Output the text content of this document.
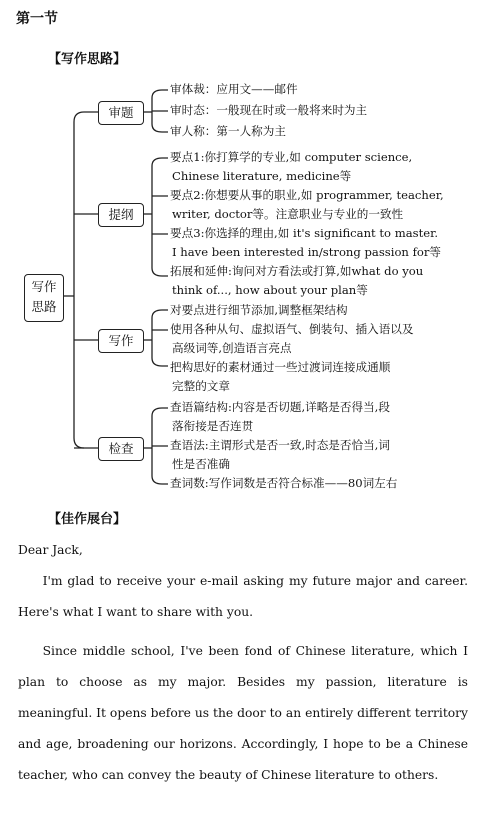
第一节
【写作思路】
写作思路
审题
提纲
写作
检查
审体裁：应用文——邮件
审时态：一般现在时或一般将来时为主
审人称：第一人称为主
要点1:你打算学的专业,如 computer science,
Chinese literature, medicine等
要点2:你想要从事的职业,如 programmer, teacher,
writer, doctor等。注意职业与专业的一致性
要点3:你选择的理由,如 it's significant to master.
I have been interested in/strong passion for等
拓展和延伸:询问对方看法或打算,如what do you
think of..., how about your plan等
对要点进行细节添加,调整框架结构
使用各种从句、虚拟语气、倒装句、插入语以及
高级词等,创造语言亮点
把构思好的素材通过一些过渡词连接成通顺
完整的文章
查语篇结构:内容是否切题,详略是否得当,段
落衔接是否连贯
查语法:主谓形式是否一致,时态是否恰当,词
性是否准确
查词数:写作词数是否符合标准——80词左右
【佳作展台】
Dear Jack,
I'm glad to receive your e-mail asking my future major and career. Here's what I want to share with you.
Since middle school, I've been fond of Chinese literature, which I plan to choose as my major. Besides my passion, literature is meaningful. It opens before us the door to an entirely different territory and age, broadening our horizons. Accordingly, I hope to be a Chinese teacher, who can convey the beauty of Chinese literature to others.
